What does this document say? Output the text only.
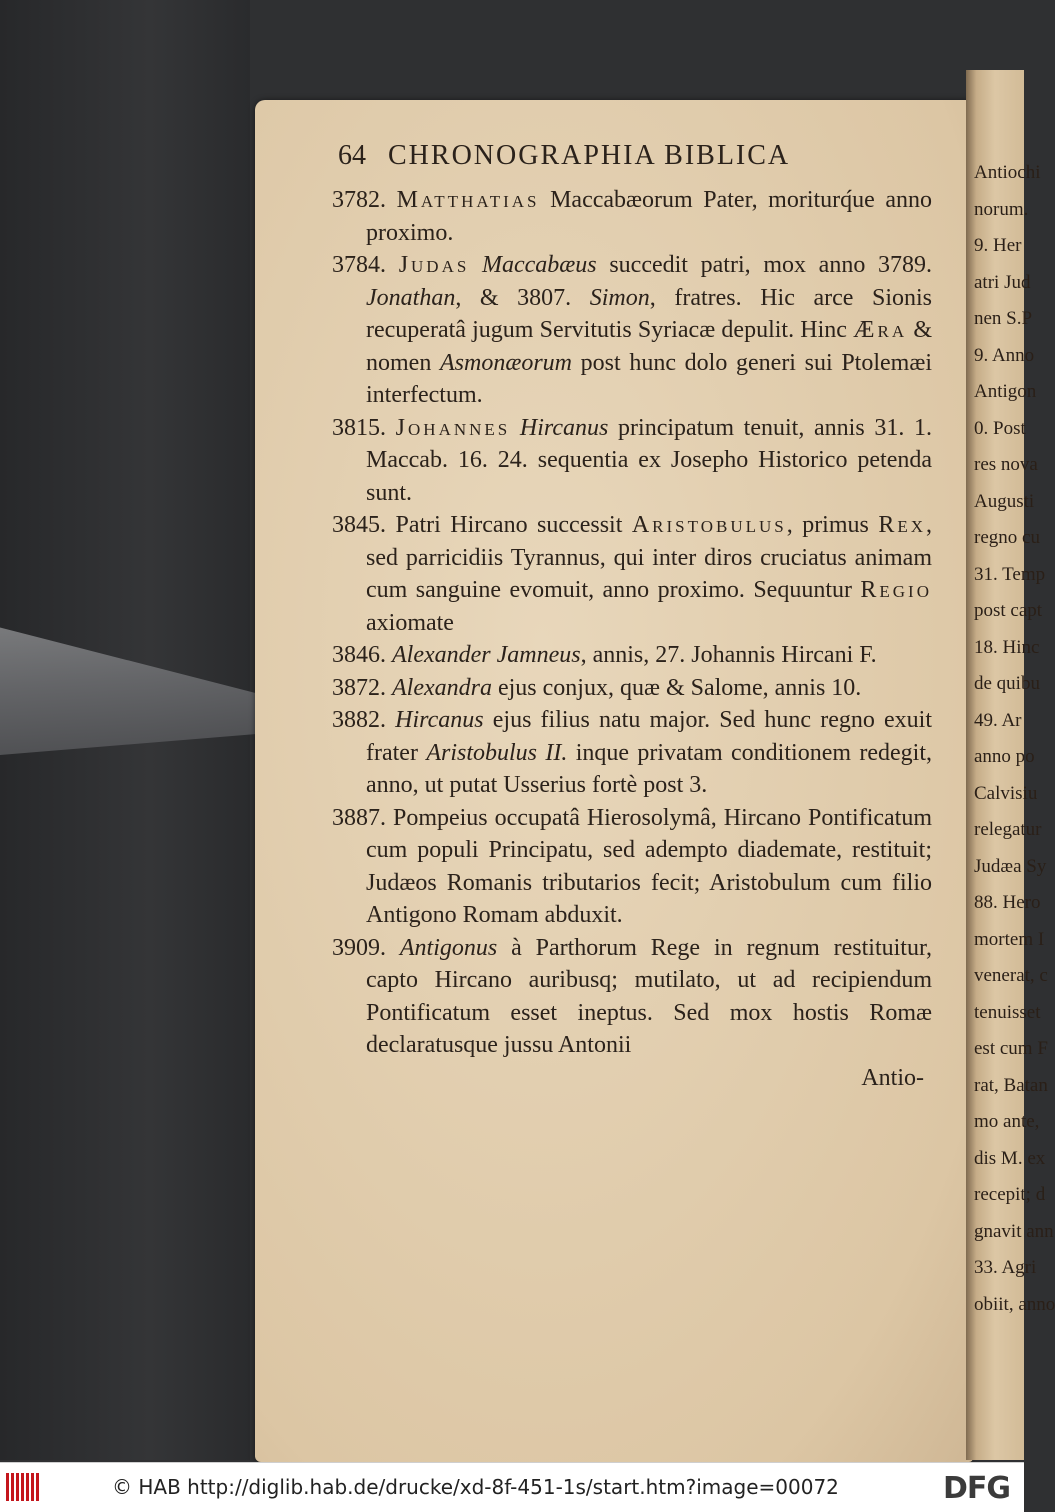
Antiochi
norum.
9. Her
atri Jud
nen S.P
9. Anno
Antigon
0. Post
res nova
Augusti
regno cu
31. Temp
post capt
18. Hinc
de quibu
49. Ar
anno po
Calvisiu
relegatur
Judæa Sy
88. Hero
mortem I
venerat, c
tenuisset
est cum F
rat, Batan
mo ante,
dis M. ex
recepit; d
gnavit ann
33. Agri
obiit, anno
64 CHRONOGRAPHIA BIBLICA

3782. Matthatias Maccabæorum Pater, moriturq́ue anno proximo.

3784. Judas Maccabæus succedit patri, mox anno 3789. Jonathan, & 3807. Simon, fratres. Hic arce Sionis recuperatâ jugum Servitutis Syriacæ depulit. Hinc Æra & nomen Asmonæorum post hunc dolo generi sui Ptolemæi interfectum.

3815. Johannes Hircanus principatum tenuit, annis 31. 1. Maccab. 16. 24. sequentia ex Josepho Historico petenda sunt.

3845. Patri Hircano successit Aristobulus, primus Rex, sed parricidiis Tyrannus, qui inter diros cruciatus animam cum sanguine evomuit, anno proximo. Sequuntur Regio axiomate

3846. Alexander Jamneus, annis, 27. Johannis Hircani F.

3872. Alexandra ejus conjux, quæ & Salome, annis 10.

3882. Hircanus ejus filius natu major. Sed hunc regno exuit frater Aristobulus II. inque privatam conditionem redegit, anno, ut putat Usserius fortè post 3.

3887. Pompeius occupatâ Hierosolymâ, Hircano Pontificatum cum populi Principatu, sed adempto diademate, restituit; Judæos Romanis tributarios fecit; Aristobulum cum filio Antigono Romam abduxit.

3909. Antigonus à Parthorum Rege in regnum restituitur, capto Hircano auribusq; mutilato, ut ad recipiendum Pontificatum esset ineptus. Sed mox hostis Romæ declaratusque jussu Antonii

Antio-
© HAB http://diglib.hab.de/drucke/xd-8f-451-1s/start.htm?image=00072	DFG
